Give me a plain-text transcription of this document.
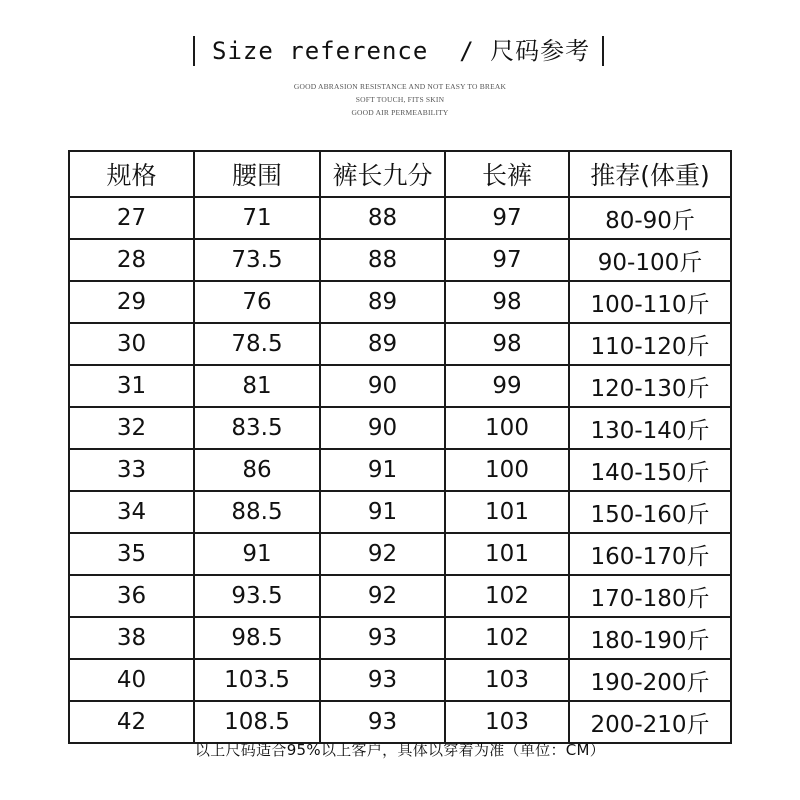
Size reference  / 尺码参考
GOOD ABRASION RESISTANCE AND NOT EASY TO BREAK
SOFT TOUCH, FITS SKIN
GOOD AIR PERMEABILITY
规格	腰围	裤长九分	长裤	推荐(体重)
27	71	88	97	80-90斤
28	73.5	88	97	90-100斤
29	76	89	98	100-110斤
30	78.5	89	98	110-120斤
31	81	90	99	120-130斤
32	83.5	90	100	130-140斤
33	86	91	100	140-150斤
34	88.5	91	101	150-160斤
35	91	92	101	160-170斤
36	93.5	92	102	170-180斤
38	98.5	93	102	180-190斤
40	103.5	93	103	190-200斤
42	108.5	93	103	200-210斤
以上尺码适合95%以上客户，具体以穿着为准（单位：CM）
